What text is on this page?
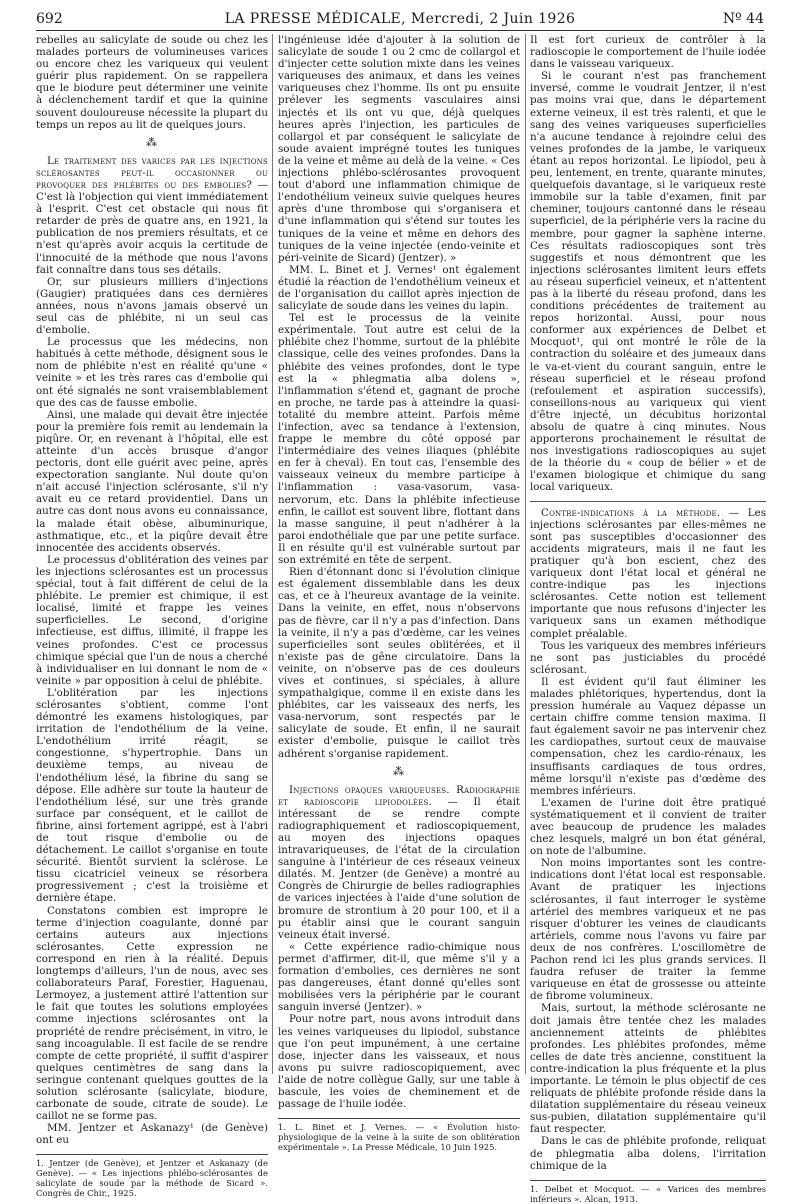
692	LA PRESSE MÉDICALE, Mercredi, 2 Juin 1926	Nº 44

rebelles au salicylate de soude ou chez les malades porteurs de volumineuses varices ou encore chez les variqueux qui veulent guérir plus rapidement. On se rappellera que le biodure peut déterminer une veinite à déclenchement tardif et que la quinine souvent douloureuse nécessite la plupart du temps un repos au lit de quelques jours.

⁂

Le traitement des varices par les injections sclérosantes peut-il occasionner ou provoquer des phlébites ou des embolies? — C'est là l'objection qui vient immédiatement à l'esprit. C'est cet obstacle qui nous fit retarder de près de quatre ans, en 1921, la publication de nos premiers résultats, et ce n'est qu'après avoir acquis la certitude de l'innocuité de la méthode que nous l'avons fait connaître dans tous ses détails.

Or, sur plusieurs milliers d'injections (Gaugier) pratiquées dans ces dernières années, nous n'avons jamais observé un seul cas de phlébite, ni un seul cas d'embolie.

Le processus que les médecins, non habitués à cette méthode, désignent sous le nom de phlébite n'est en réalité qu'une « veinite » et les très rares cas d'embolie qui ont été signalés ne sont vraisemblablement que des cas de fausse embolie.

Ainsi, une malade qui devait être injectée pour la première fois remit au lendemain la piqûre. Or, en revenant à l'hôpital, elle est atteinte d'un accès brusque d'angor pectoris, dont elle guérit avec peine, après expectoration sanglante. Nul doute qu'on n'ait accusé l'injection sclérosante, s'il n'y avait eu ce retard providentiel. Dans un autre cas dont nous avons eu connaissance, la malade était obèse, albuminurique, asthmatique, etc., et la piqûre devait être innocentée des accidents observés.

Le processus d'oblitération des veines par les injections sclérosantes est un processus spécial, tout à fait différent de celui de la phlébite. Le premier est chimique, il est localisé, limité et frappe les veines superficielles. Le second, d'origine infectieuse, est diffus, illimité, il frappe les veines profondes. C'est ce processus chimique spécial que l'un de nous a cherché à individualiser en lui donnant le nom de « veinite » par opposition à celui de phlébite.

L'oblitération par les injections sclérosantes s'obtient, comme l'ont démontré les examens histologiques, par irritation de l'endothélium de la veine. L'endothélium irrité réagit, se congestionne, s'hypertrophie. Dans un deuxième temps, au niveau de l'endothélium lésé, la fibrine du sang se dépose. Elle adhère sur toute la hauteur de l'endothélium lésé, sur une très grande surface par conséquent, et le caillot de fibrine, ainsi fortement agrippé, est à l'abri de tout risque d'embolie ou de détachement. Le caillot s'organise en toute sécurité. Bientôt survient la sclérose. Le tissu cicatriciel veineux se résorbera progressivement ; c'est la troisième et dernière étape.

Constatons combien est impropre le terme d'injection coagulante, donné par certains auteurs aux injections sclérosantes. Cette expression ne correspond en rien à la réalité. Depuis longtemps d'ailleurs, l'un de nous, avec ses collaborateurs Paraf, Forestier, Haguenau, Lermoyez, a justement attiré l'attention sur le fait que toutes les solutions employées comme injections sclérosantes ont la propriété de rendre précisément, in vitro, le sang incoagulable. Il est facile de se rendre compte de cette propriété, il suffit d'aspirer quelques centimètres de sang dans la seringue contenant quelques gouttes de la solution sclérosante (salicylate, biodure, carbonate de soude, citrate de soude). Le caillot ne se forme pas.

MM. Jentzer et Askanazy¹ (de Genève) ont eu

1. Jentzer (de Genève), et Jentzer et Askanazy (de Genève). — « Les injections phlébo-sclérosantes de salicylate de soude par la méthode de Sicard ». Congrès de Chir., 1925.

l'ingénieuse idée d'ajouter à la solution de salicylate de soude 1 ou 2 cmc de collargol et d'injecter cette solution mixte dans les veines variqueuses des animaux, et dans les veines variqueuses chez l'homme. Ils ont pu ensuite prélever les segments vasculaires ainsi injectés et ils ont vu que, déjà quelques heures après l'injection, les particules de collargol et par conséquent le salicylate de soude avaient imprégné toutes les tuniques de la veine et même au delà de la veine. « Ces injections phlébo-sclérosantes provoquent tout d'abord une inflammation chimique de l'endothélium veineux suivie quelques heures après d'une thrombose qui s'organisera et d'une inflammation qui s'étend sur toutes les tuniques de la veine et même en dehors des tuniques de la veine injectée (endo-veinite et péri-veinite de Sicard) (Jentzer). »

MM. L. Binet et J. Vernes¹ ont également étudié la réaction de l'endothélium veineux et de l'organisation du caillot après injection de salicylate de soude dans les veines du lapin.

Tel est le processus de la veinite expérimentale. Tout autre est celui de la phlébite chez l'homme, surtout de la phlébite classique, celle des veines profondes. Dans la phlébite des veines profondes, dont le type est la « phlegmatia alba dolens », l'inflammation s'étend et, gagnant de proche en proche, ne tarde pas à atteindre la quasi-totalité du membre atteint. Parfois même l'infection, avec sa tendance à l'extension, frappe le membre du côté opposé par l'intermédiaire des veines iliaques (phlébite en fer à cheval). En tout cas, l'ensemble des vaisseaux veineux du membre participe à l'inflammation : vasa-vasorum, vasa-nervorum, etc. Dans la phlébite infectieuse enfin, le caillot est souvent libre, flottant dans la masse sanguine, il peut n'adhérer à la paroi endothéliale que par une petite surface. Il en résulte qu'il est vulnérable surtout par son extrémité en tête de serpent.

Rien d'étonnant donc si l'évolution clinique est également dissemblable dans les deux cas, et ce à l'heureux avantage de la veinite. Dans la veinite, en effet, nous n'observons pas de fièvre, car il n'y a pas d'infection. Dans la veinite, il n'y a pas d'œdème, car les veines superficielles sont seules oblitérées, et il n'existe pas de gêne circulatoire. Dans la veinite, on n'observe pas de ces douleurs vives et continues, si spéciales, à allure sympathalgique, comme il en existe dans les phlébites, car les vaisseaux des nerfs, les vasa-nervorum, sont respectés par le salicylate de soude. Et enfin, il ne saurait exister d'embolie, puisque le caillot très adhérent s'organise rapidement.

⁂

Injections opaques variqueuses. Radiographie et radioscopie lipiodolées. — Il était intéressant de se rendre compte radiographiquement et radioscopiquement, au moyen des injections opaques intravariqueuses, de l'état de la circulation sanguine à l'intérieur de ces réseaux veineux dilatés. M. Jentzer (de Genève) a montré au Congrès de Chirurgie de belles radiographies de varices injectées à l'aide d'une solution de bromure de strontium à 20 pour 100, et il a pu établir ainsi que le courant sanguin veineux était inversé.

« Cette expérience radio-chimique nous permet d'affirmer, dit-il, que même s'il y a formation d'embolies, ces dernières ne sont pas dangereuses, étant donné qu'elles sont mobilisées vers la périphérie par le courant sanguin inversé (Jentzer). »

Pour notre part, nous avons introduit dans les veines variqueuses du lipiodol, substance que l'on peut impunément, à une certaine dose, injecter dans les vaisseaux, et nous avons pu suivre radioscopiquement, avec l'aide de notre collègue Gally, sur une table à bascule, les voies de cheminement et de passage de l'huile iodée.

1. L. Binet et J. Vernes. — « Évolution histo-physiologique de la veine à la suite de son oblitération expérimentale ». La Presse Médicale, 10 Juin 1925.

Il est fort curieux de contrôler à la radioscopie le comportement de l'huile iodée dans le vaisseau variqueux.

Si le courant n'est pas franchement inversé, comme le voudrait Jentzer, il n'est pas moins vrai que, dans le département externe veineux, il est très ralenti, et que le sang des veines variqueuses superficielles n'a aucune tendance à rejoindre celui des veines profondes de la jambe, le variqueux étant au repos horizontal. Le lipiodol, peu à peu, lentement, en trente, quarante minutes, quelquefois davantage, si le variqueux reste immobile sur la table d'examen, finit par cheminer, toujours cantonné dans le réseau superficiel, de la périphérie vers la racine du membre, pour gagner la saphène interne. Ces résultats radioscopiques sont très suggestifs et nous démontrent que les injections sclérosantes limitent leurs effets au réseau superficiel veineux, et n'attentent pas à la liberté du réseau profond, dans les conditions précédentes de traitement au repos horizontal. Aussi, pour nous conformer aux expériences de Delbet et Mocquot¹, qui ont montré le rôle de la contraction du soléaire et des jumeaux dans le va-et-vient du courant sanguin, entre le réseau superficiel et le réseau profond (refoulement et aspiration successifs), conseillons-nous au variqueux qui vient d'être injecté, un décubitus horizontal absolu de quatre à cinq minutes. Nous apporterons prochainement le résultat de nos investigations radioscopiques au sujet de la théorie du « coup de bélier » et de l'examen biologique et chimique du sang local variqueux.

Contre-indications à la méthode. — Les injections sclérosantes par elles-mêmes ne sont pas susceptibles d'occasionner des accidents migrateurs, mais il ne faut les pratiquer qu'à bon escient, chez des variqueux dont l'état local et général ne contre-indique pas les injections sclérosantes. Cette notion est tellement importante que nous refusons d'injecter les variqueux sans un examen méthodique complet préalable.

Tous les variqueux des membres inférieurs ne sont pas justiciables du procédé sclérosant.

Il est évident qu'il faut éliminer les malades phlétoriques, hypertendus, dont la pression humérale au Vaquez dépasse un certain chiffre comme tension maxima. Il faut également savoir ne pas intervenir chez les cardiopathes, surtout ceux de mauvaise compensation, chez les cardio-rénaux, les insuffisants cardiaques de tous ordres, même lorsqu'il n'existe pas d'œdème des membres inférieurs.

L'examen de l'urine doit être pratiqué systématiquement et il convient de traiter avec beaucoup de prudence les malades chez lesquels, malgré un bon état général, on note de l'albumine.

Non moins importantes sont les contre-indications dont l'état local est responsable. Avant de pratiquer les injections sclérosantes, il faut interroger le système artériel des membres variqueux et ne pas risquer d'obturer les veines de claudicants artériels, comme nous l'avons vu faire par deux de nos confrères. L'oscillomètre de Pachon rend ici les plus grands services. Il faudra refuser de traiter la femme variqueuse en état de grossesse ou atteinte de fibrome volumineux.

Mais, surtout, la méthode sclérosante ne doit jamais être tentée chez les malades anciennement atteints de phlébites profondes. Les phlébites profondes, même celles de date très ancienne, constituent la contre-indication la plus fréquente et la plus importante. Le témoin le plus objectif de ces reliquats de phlébite profonde réside dans la dilatation supplémentaire du réseau veineux sus-pubien, dilatation supplémentaire qu'il faut respecter.

Dans le cas de phlébite profonde, reliquat de phlegmatia alba dolens, l'irritation chimique de la

1. Delbet et Mocquot. — « Varices des membres inférieurs ». Alcan, 1913.
